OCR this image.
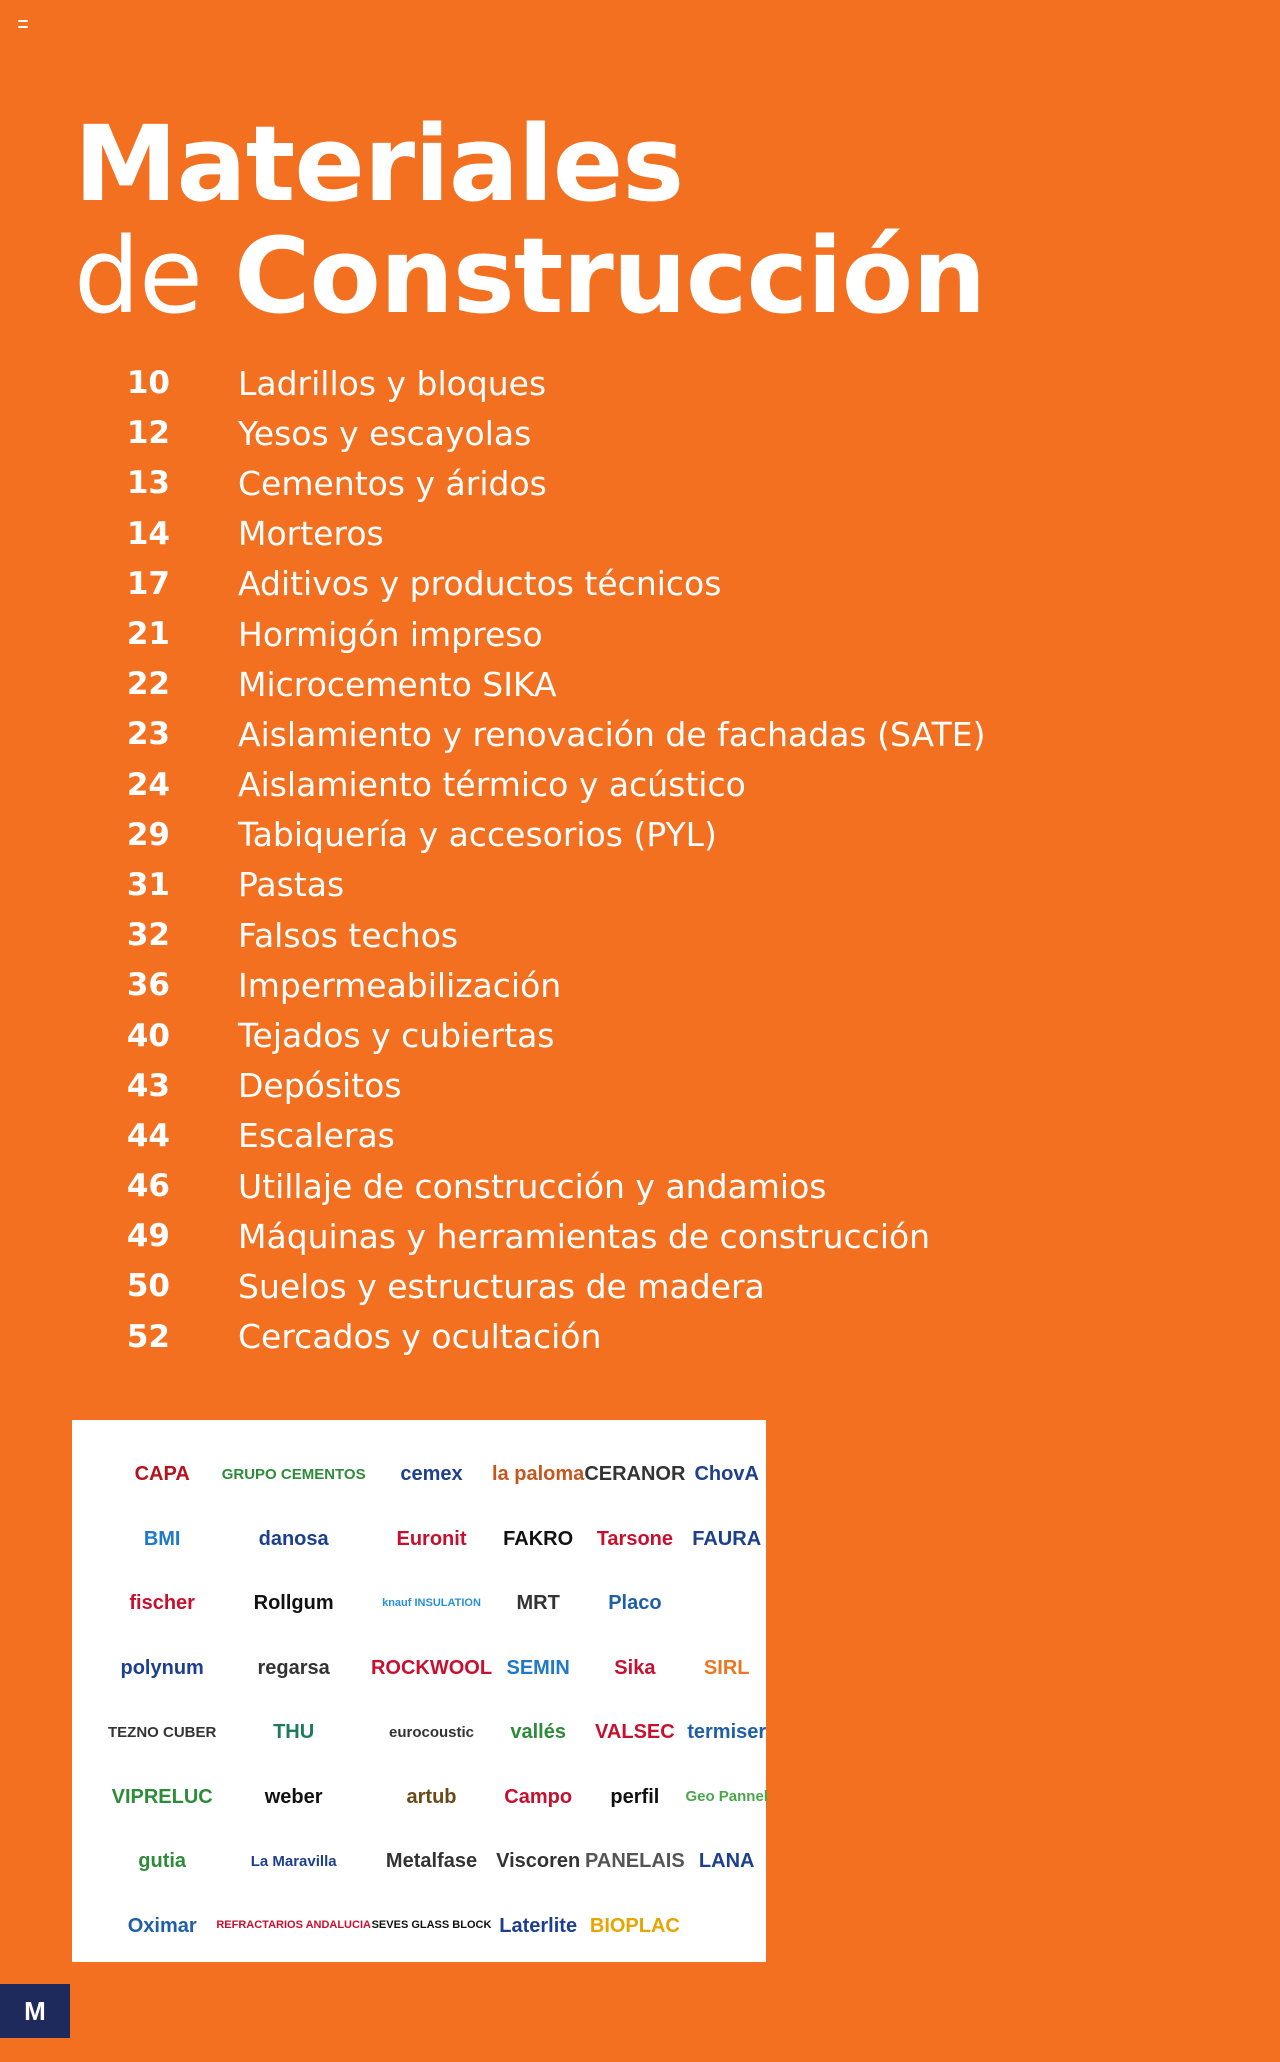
Materiales
de Construcción
10 Ladrillos y bloques
12 Yesos y escayolas
13 Cementos y áridos
14 Morteros
17 Aditivos y productos técnicos
21 Hormigón impreso
22 Microcemento SIKA
23 Aislamiento y renovación de fachadas (SATE)
24 Aislamiento térmico y acústico
29 Tabiquería y accesorios (PYL)
31 Pastas
32 Falsos techos
36 Impermeabilización
40 Tejados y cubiertas
43 Depósitos
44 Escaleras
46 Utillaje de construcción y andamios
49 Máquinas y herramientas de construcción
50 Suelos y estructuras de madera
52 Cercados y ocultación
CAPA GRUPO CEMENTOS cemex la paloma CERANOR ChovA
BMI	danosa	Euronit FAKRO Tarsone FAURA
fischer	Rollgum	knauf INSULATION MRT Placo
polynum	regarsa ROCKWOOL SEMIN Sika SIRL
TEZNO CUBER	THU	eurocoustic vallés VALSEC termiser
VIPRELUC	weber	artub Campo perfil Geo Pannel
gutia	La Maravilla Metalfase Viscoren PANELAIS LANA
Oximar REFRACTARIOS ANDALUCIA SEVES GLASS BLOCK Laterlite BIOPLAC
M
